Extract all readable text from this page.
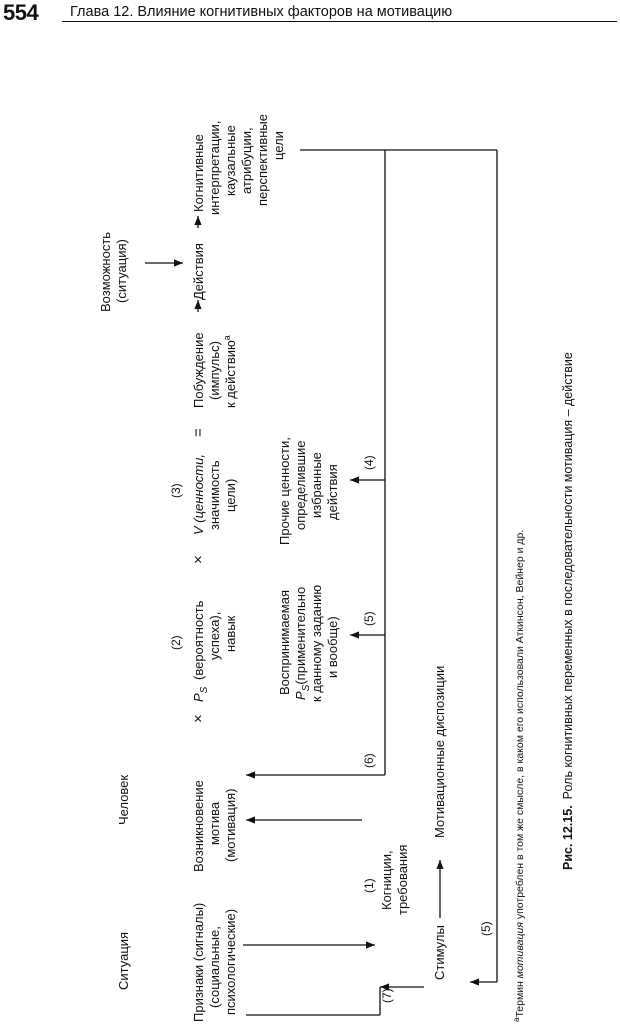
554 Глава 12. Влияние когнитивных факторов на мотивацию
Ситуация
Человек
Возможность (ситуация)
Признаки (сигналы) (социальные, психологические)
Возникновение мотива (мотивация)
×
(2)
$P_S$
(вероятность успеха), навык
×
(3) V (ценности, значимость цели)
=
Побуждение (импульс) к действию$^а$
Действия
Когнитивные интерпретации, каузальные атрибуции, перспективные цели
(1) Когниции, требования
Стимулы
Мотивационные диспозиции
Воспринимаемая
$P_S(применительно$ к данному заданию и вообще)
Прочие ценности, определившие избранные действия
(4)
(5)
(6)
(7)
(5)
$^а$Термин мотивация употреблен в том же смысле, в каком его использовали Аткинсон, Вейнер и др.	Рис. 12.15.Роль когнитивных переменных в последовательности мотивация – действие
